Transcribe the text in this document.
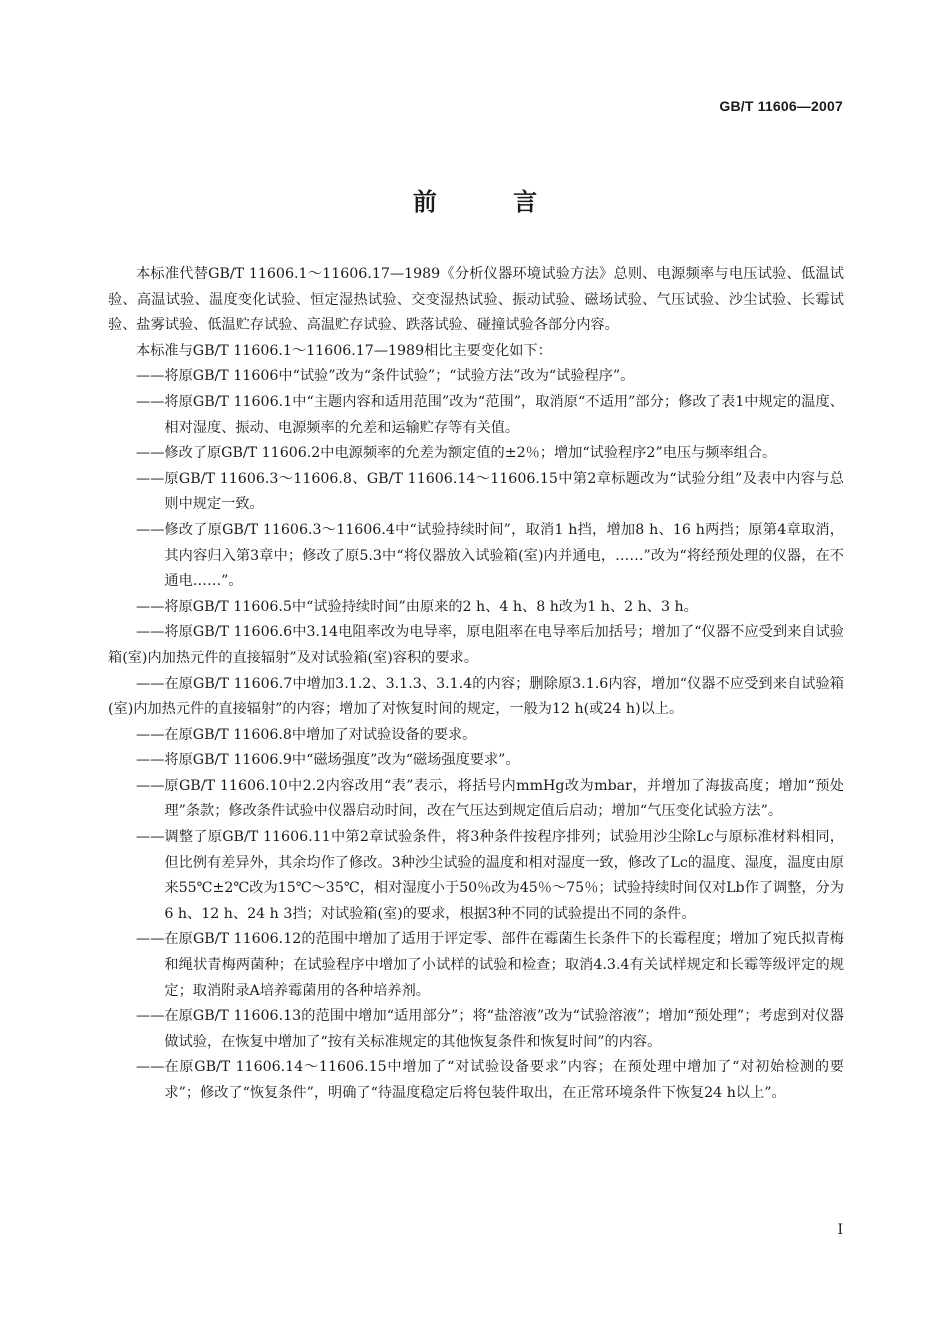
GB/T 11606—2007
前 言

本标准代替GB/T 11606.1～11606.17—1989《分析仪器环境试验方法》总则、电源频率与电压试验、低温试验、高温试验、温度变化试验、恒定湿热试验、交变湿热试验、振动试验、磁场试验、气压试验、沙尘试验、长霉试验、盐雾试验、低温贮存试验、高温贮存试验、跌落试验、碰撞试验各部分内容。

本标准与GB/T 11606.1～11606.17—1989相比主要变化如下：

—— 将原GB/T 11606中“试验”改为“条件试验”；“试验方法”改为“试验程序”。
—— 将原GB/T 11606.1中“主题内容和适用范围”改为“范围”，取消原“不适用”部分；修改了表1中规定的温度、相对湿度、振动、电源频率的允差和运输贮存等有关值。
—— 修改了原GB/T 11606.2中电源频率的允差为额定值的±2％；增加“试验程序2”电压与频率组合。
—— 原GB/T 11606.3～11606.8、GB/T 11606.14～11606.15中第2章标题改为“试验分组”及表中内容与总则中规定一致。
—— 修改了原GB/T 11606.3～11606.4中“试验持续时间”，取消1 h挡，增加8 h、16 h两挡；原第4章取消，其内容归入第3章中；修改了原5.3中“将仪器放入试验箱(室)内并通电，……”改为“将经预处理的仪器，在不通电……”。
—— 将原GB/T 11606.5中“试验持续时间”由原来的2 h、4 h、8 h改为1 h、2 h、3 h。
——将原GB/T 11606.6中3.14电阻率改为电导率，原电阻率在电导率后加括号；增加了“仪器不应受到来自试验箱(室)内加热元件的直接辐射”及对试验箱(室)容积的要求。
——在原GB/T 11606.7中增加3.1.2、3.1.3、3.1.4的内容；删除原3.1.6内容，增加“仪器不应受到来自试验箱(室)内加热元件的直接辐射”的内容；增加了对恢复时间的规定，一般为12 h(或24 h)以上。
—— 在原GB/T 11606.8中增加了对试验设备的要求。
—— 将原GB/T 11606.9中“磁场强度”改为“磁场强度要求”。
—— 原GB/T 11606.10中2.2内容改用“表”表示，将括号内mmHg改为mbar，并增加了海拔高度；增加“预处理”条款；修改条件试验中仪器启动时间，改在气压达到规定值后启动；增加“气压变化试验方法”。
—— 调整了原GB/T 11606.11中第2章试验条件，将3种条件按程序排列；试验用沙尘除Lc与原标准材料相同，但比例有差异外，其余均作了修改。3种沙尘试验的温度和相对湿度一致，修改了Lc的温度、湿度，温度由原来55℃±2℃改为15℃～35℃，相对湿度小于50％改为45％～75％；试验持续时间仅对Lb作了调整，分为6 h、12 h、24 h 3挡；对试验箱(室)的要求，根据3种不同的试验提出不同的条件。
—— 在原GB/T 11606.12的范围中增加了适用于评定零、部件在霉菌生长条件下的长霉程度；增加了宛氏拟青梅和绳状青梅两菌种；在试验程序中增加了小试样的试验和检查；取消4.3.4有关试样规定和长霉等级评定的规定；取消附录A培养霉菌用的各种培养剂。
—— 在原GB/T 11606.13的范围中增加“适用部分”；将“盐溶液”改为“试验溶液”；增加“预处理”；考虑到对仪器做试验，在恢复中增加了“按有关标准规定的其他恢复条件和恢复时间”的内容。
—— 在原GB/T 11606.14～11606.15中增加了“对试验设备要求”内容；在预处理中增加了“对初始检测的要求”；修改了“恢复条件”，明确了“待温度稳定后将包装件取出，在正常环境条件下恢复24 h以上”。
I
